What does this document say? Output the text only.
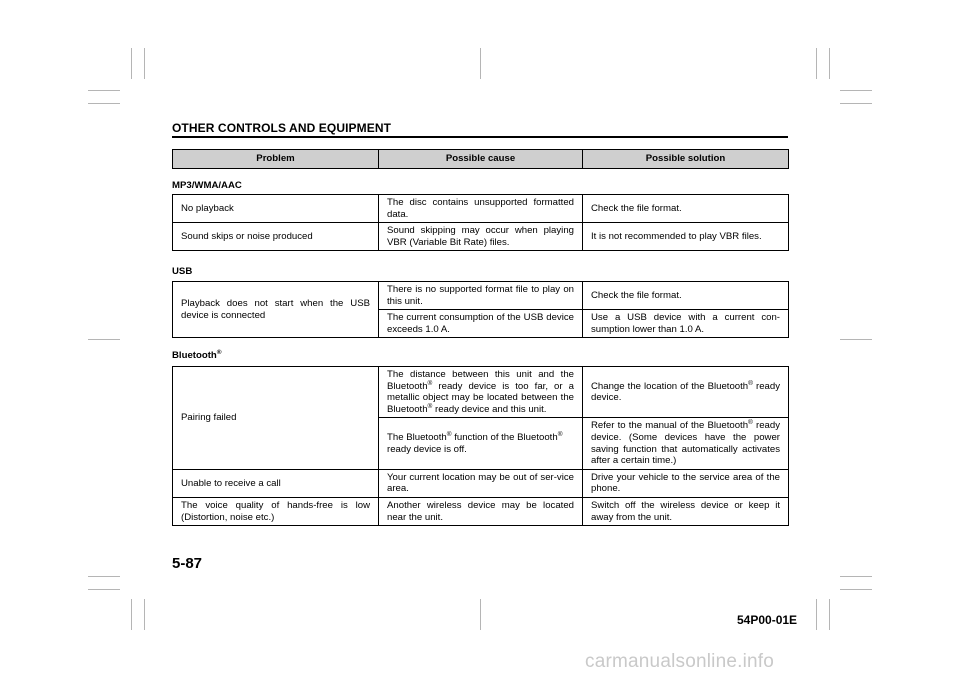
OTHER CONTROLS AND EQUIPMENT
Problem	Possible cause	Possible solution
MP3/WMA/AAC
No playback	The disc contains unsupported formatted data.	Check the file format.
Sound skips or noise produced	Sound skipping may occur when playing VBR (Variable Bit Rate) files.	It is not recommended to play VBR files.
USB
Playback does not start when the USB device is connected	There is no supported format file to play on this unit.	Check the file format.
	The current consumption of the USB device exceeds 1.0 A.	Use a USB device with a current con-sumption lower than 1.0 A.
Bluetooth®
Pairing failed	The distance between this unit and the Bluetooth® ready device is too far, or a metallic object may be located between the Bluetooth® ready device and this unit.	Change the location of the Bluetooth® ready device.
	The Bluetooth® function of the Bluetooth® ready device is off.	Refer to the manual of the Bluetooth® ready device. (Some devices have the power saving function that automatically activates after a certain time.)
Unable to receive a call	Your current location may be out of ser-vice area.	Drive your vehicle to the service area of the phone.
The voice quality of hands-free is low (Distortion, noise etc.)	Another wireless device may be located near the unit.	Switch off the wireless device or keep it away from the unit.
5-87
54P00-01E
carmanualsonline.info
